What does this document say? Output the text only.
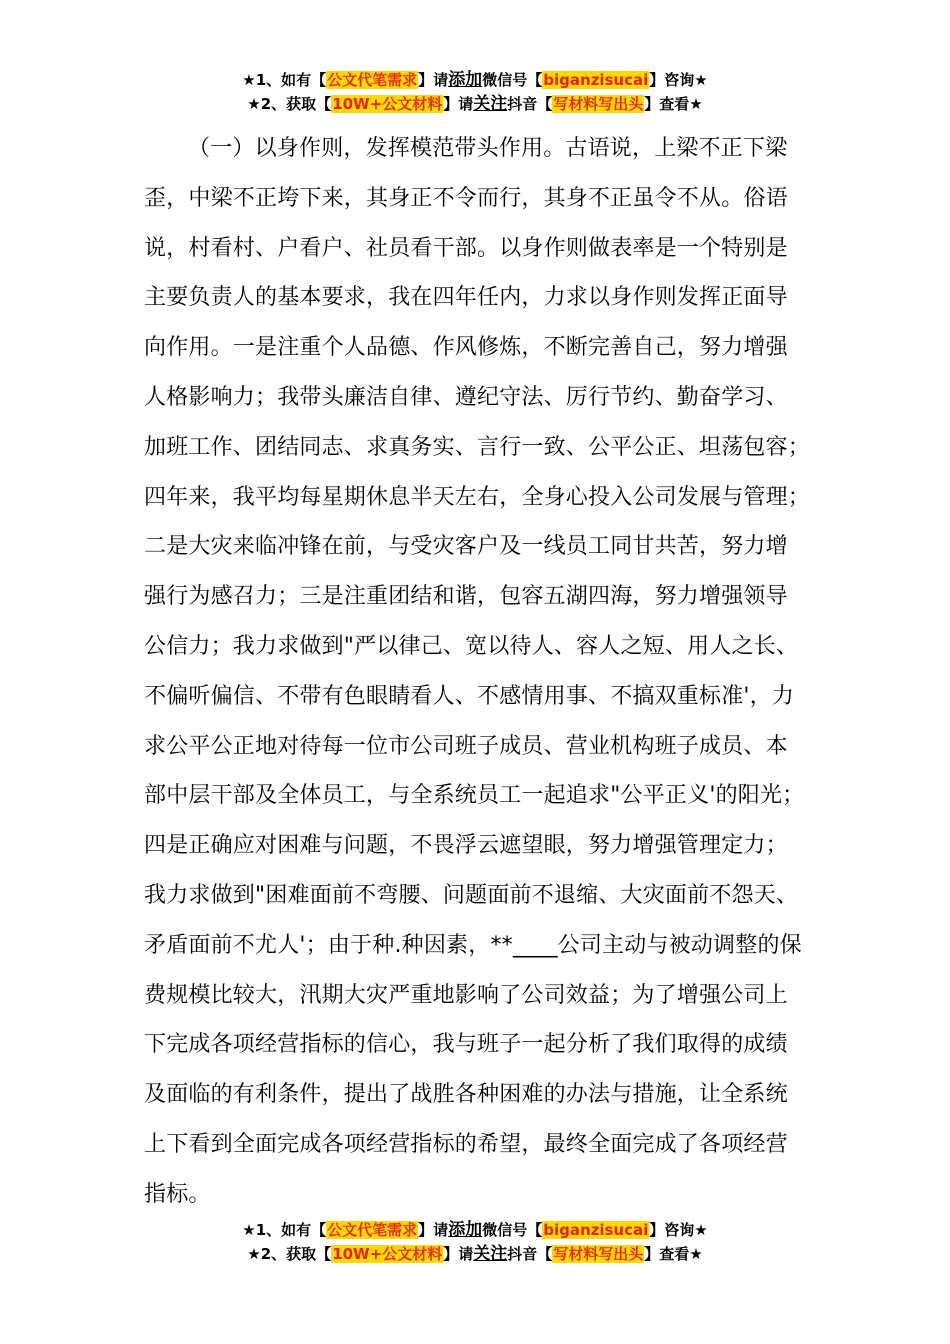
★1、如有【公文代笔需求】请添加微信号【biganzisucai】咨询★
★2、获取【10W+公文材料】请关注抖音【写材料写出头】查看★
（一）以身作则，发挥模范带头作用。古语说，上梁不正下梁
歪，中梁不正垮下来，其身正不令而行，其身不正虽令不从。俗语
说，村看村、户看户、社员看干部。以身作则做表率是一个特别是
主要负责人的基本要求，我在四年任内，力求以身作则发挥正面导
向作用。一是注重个人品德、作风修炼，不断完善自己，努力增强
人格影响力；我带头廉洁自律、遵纪守法、厉行节约、勤奋学习、
加班工作、团结同志、求真务实、言行一致、公平公正、坦荡包容；
四年来，我平均每星期休息半天左右，全身心投入公司发展与管理；
二是大灾来临冲锋在前，与受灾客户及一线员工同甘共苦，努力增
强行为感召力；三是注重团结和谐，包容五湖四海，努力增强领导
公信力；我力求做到"严以律己、宽以待人、容人之短、用人之长、
不偏听偏信、不带有色眼睛看人、不感情用事、不搞双重标准'，力
求公平公正地对待每一位市公司班子成员、营业机构班子成员、本
部中层干部及全体员工，与全系统员工一起追求"公平正义'的阳光；
四是正确应对困难与问题，不畏浮云遮望眼，努力增强管理定力；
我力求做到"困难面前不弯腰、问题面前不退缩、大灾面前不怨天、
矛盾面前不尤人'；由于种.种因素，**____公司主动与被动调整的保
费规模比较大，汛期大灾严重地影响了公司效益；为了增强公司上
下完成各项经营指标的信心，我与班子一起分析了我们取得的成绩
及面临的有利条件，提出了战胜各种困难的办法与措施，让全系统
上下看到全面完成各项经营指标的希望，最终全面完成了各项经营
指标。
★1、如有【公文代笔需求】请添加微信号【biganzisucai】咨询★
★2、获取【10W+公文材料】请关注抖音【写材料写出头】查看★
